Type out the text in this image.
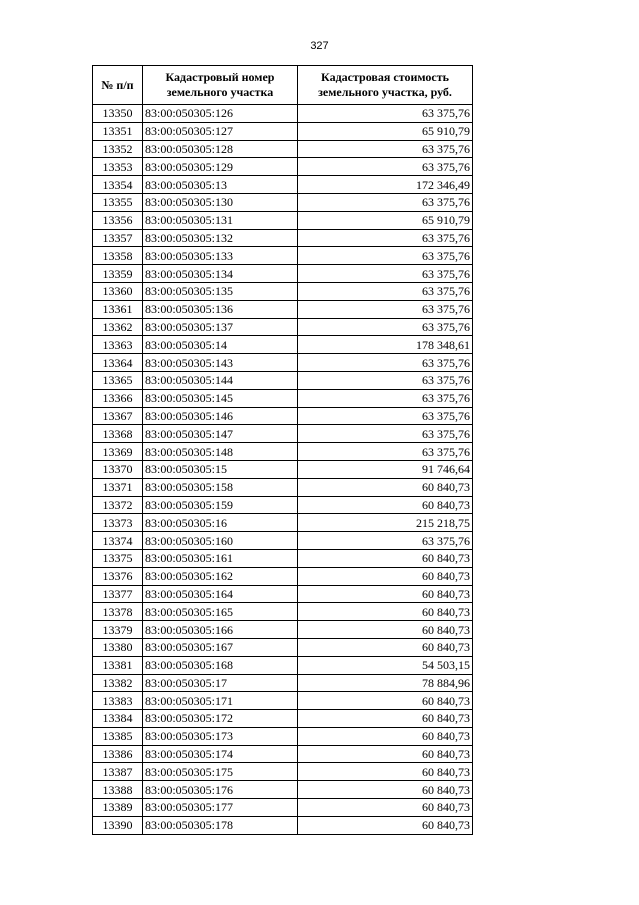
327
№ п/п	Кадастровый номер земельного участка	Кадастровая стоимость земельного участка, руб.
13350	83:00:050305:126	63 375,76
13351	83:00:050305:127	65 910,79
13352	83:00:050305:128	63 375,76
13353	83:00:050305:129	63 375,76
13354	83:00:050305:13	172 346,49
13355	83:00:050305:130	63 375,76
13356	83:00:050305:131	65 910,79
13357	83:00:050305:132	63 375,76
13358	83:00:050305:133	63 375,76
13359	83:00:050305:134	63 375,76
13360	83:00:050305:135	63 375,76
13361	83:00:050305:136	63 375,76
13362	83:00:050305:137	63 375,76
13363	83:00:050305:14	178 348,61
13364	83:00:050305:143	63 375,76
13365	83:00:050305:144	63 375,76
13366	83:00:050305:145	63 375,76
13367	83:00:050305:146	63 375,76
13368	83:00:050305:147	63 375,76
13369	83:00:050305:148	63 375,76
13370	83:00:050305:15	91 746,64
13371	83:00:050305:158	60 840,73
13372	83:00:050305:159	60 840,73
13373	83:00:050305:16	215 218,75
13374	83:00:050305:160	63 375,76
13375	83:00:050305:161	60 840,73
13376	83:00:050305:162	60 840,73
13377	83:00:050305:164	60 840,73
13378	83:00:050305:165	60 840,73
13379	83:00:050305:166	60 840,73
13380	83:00:050305:167	60 840,73
13381	83:00:050305:168	54 503,15
13382	83:00:050305:17	78 884,96
13383	83:00:050305:171	60 840,73
13384	83:00:050305:172	60 840,73
13385	83:00:050305:173	60 840,73
13386	83:00:050305:174	60 840,73
13387	83:00:050305:175	60 840,73
13388	83:00:050305:176	60 840,73
13389	83:00:050305:177	60 840,73
13390	83:00:050305:178	60 840,73
